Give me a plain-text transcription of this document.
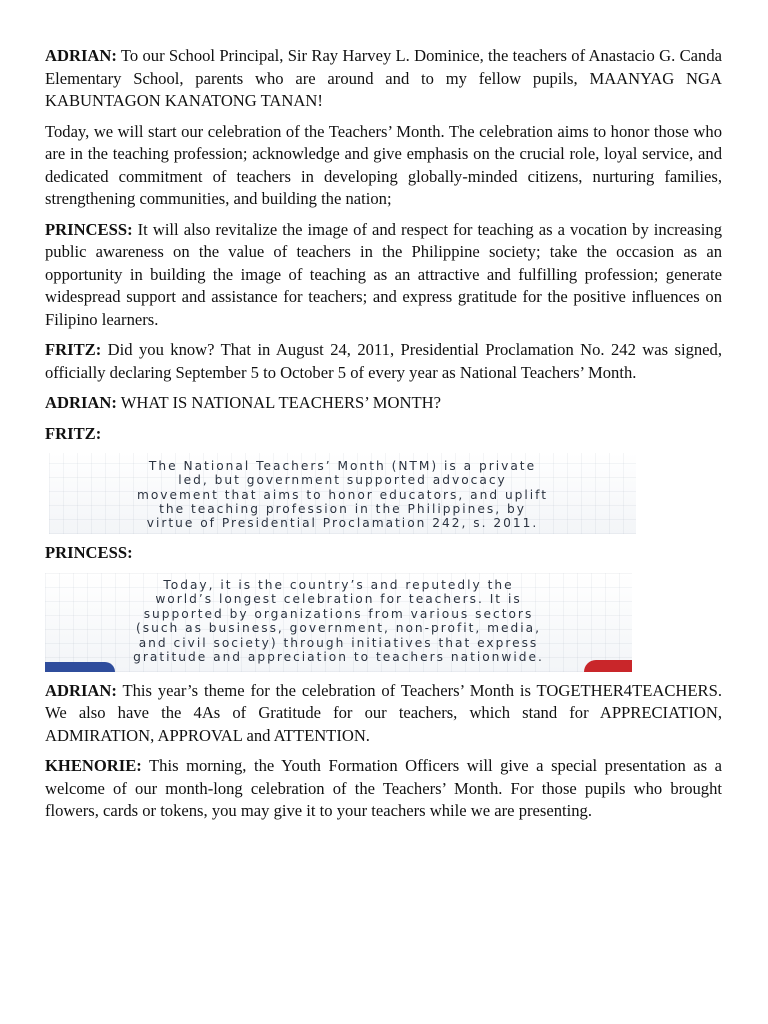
ADRIAN: To our School Principal, Sir Ray Harvey L. Dominice, the teachers of Anastacio G. Canda Elementary School, parents who are around and to my fellow pupils, MAANYAG NGA KABUNTAGON KANATONG TANAN!

Today, we will start our celebration of the Teachers’ Month. The celebration aims to honor those who are in the teaching profession; acknowledge and give emphasis on the crucial role, loyal service, and dedicated commitment of teachers in developing globally-minded citizens, nurturing families, strengthening communities, and building the nation;

PRINCESS: It will also revitalize the image of and respect for teaching as a vocation by increasing public awareness on the value of teachers in the Philippine society; take the occasion as an opportunity in building the image of teaching as an attractive and fulfilling profession; generate widespread support and assistance for teachers; and express gratitude for the positive influences on Filipino learners.

FRITZ: Did you know? That in August 24, 2011, Presidential Proclamation No. 242 was signed, officially declaring September 5 to October 5 of every year as National Teachers’ Month.

ADRIAN: WHAT IS NATIONAL TEACHERS’ MONTH?

FRITZ:

The National Teachers’ Month (NTM) is a private
led, but government supported advocacy
movement that aims to honor educators, and uplift
the teaching profession in the Philippines, by
virtue of Presidential Proclamation 242, s. 2011.

PRINCESS:

Today, it is the country’s and reputedly the
world’s longest celebration for teachers. It is
supported by organizations from various sectors
(such as business, government, non-profit, media,
and civil society) through initiatives that express
gratitude and appreciation to teachers nationwide.

ADRIAN: This year’s theme for the celebration of Teachers’ Month is TOGETHER4TEACHERS. We also have the 4As of Gratitude for our teachers, which stand for APPRECIATION, ADMIRATION, APPROVAL and ATTENTION.

KHENORIE: This morning, the Youth Formation Officers will give a special presentation as a welcome of our month-long celebration of the Teachers’ Month. For those pupils who brought flowers, cards or tokens, you may give it to your teachers while we are presenting.
